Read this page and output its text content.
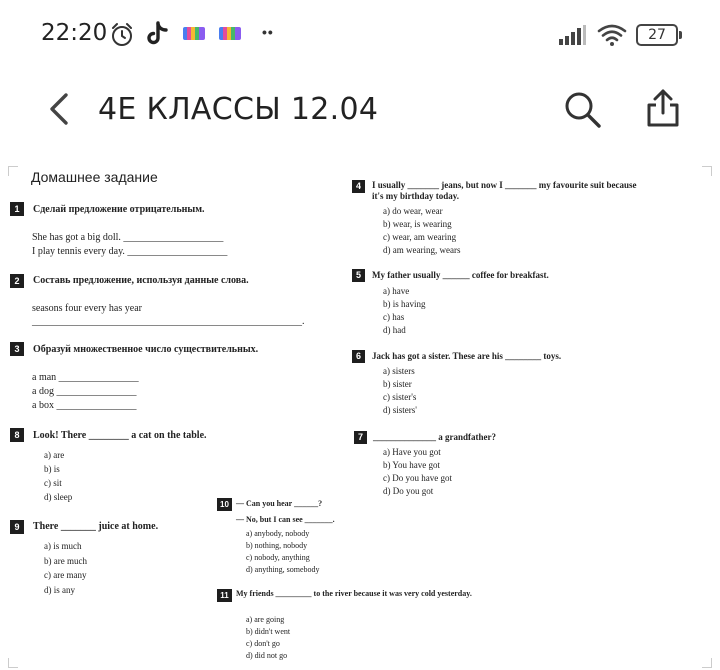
22:20	••	27
4Е КЛАССЫ 12.04
Домашнее задание
1	Сделай предложение отрицательным.
She has got a big doll. ____________________
I play tennis every day. ____________________
2	Составь предложение, используя данные слова.
seasons four every has year
______________________________________________________.
3	Образуй множественное число существительных.
a man ________________
a dog ________________
a box ________________
8	Look! There ________ a cat on the table.
a) are
b) is
c) sit
d) sleep
9	There _______ juice at home.
a) is much
b) are much
c) are many
d) is any
4	I usually _______ jeans, but now I _______ my favourite suit because it's my birthday today.
a) do wear, wear
b) wear, is wearing
c) wear, am wearing
d) am wearing, wears
5	My father usually ______ coffee for breakfast.
a) have
b) is having
c) has
d) had
6	Jack has got a sister. These are his ________ toys.
a) sisters
b) sister
c) sister's
d) sisters'
7	______________ a grandfather?
a) Have you got
b) You have got
c) Do you have got
d) Do you got
10 — Can you hear ______?
— No, but I can see _______.
a) anybody, nobody
b) nothing, nobody
c) nobody, anything
d) anything, somebody
11 My friends _________ to the river because it was very cold yesterday.
a) are going
b) didn't went
c) don't go
d) did not go
